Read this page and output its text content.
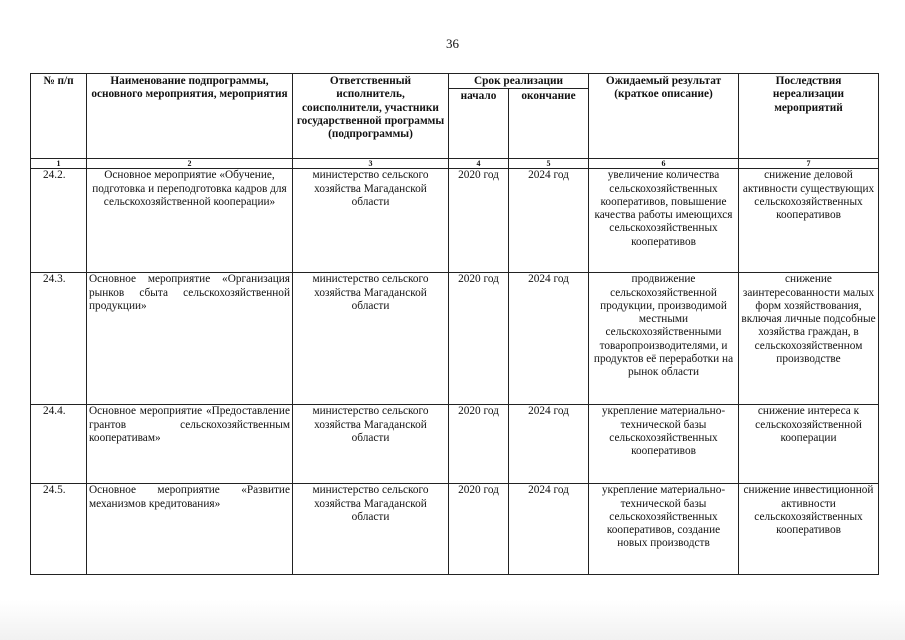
36
№ п/п	Наименование подпрограммы, основного мероприятия, мероприятия	Ответственный исполнитель, соисполнители, участники государственной программы (подпрограммы)	Срок реализации		Ожидаемый результат (краткое описание)	Последствия нереализации мероприятий
			начало	окончание		
1	2	3	4	5	6	7
24.2.	Основное мероприятие «Обучение, подготовка и переподготовка кадров для сельскохозяйственной кооперации»	министерство сельского хозяйства Магаданской области	2020 год	2024 год	увеличение количества сельскохозяйственных кооперативов, повышение качества работы имеющихся сельскохозяйственных кооперативов	снижение деловой активности существующих сельскохозяйственных кооперативов
24.3.	Основное мероприятие «Организация рынков сбыта сельскохозяйственной продукции»	министерство сельского хозяйства Магаданской области	2020 год	2024 год	продвижение сельскохозяйственной продукции, производимой местными сельскохозяйственными товаропроизводителями, и продуктов её переработки на рынок области	снижение заинтересованности малых форм хозяйствования, включая личные подсобные хозяйства граждан, в сельскохозяйственном производстве
24.4.	Основное мероприятие «Предоставление грантов сельскохозяйственным кооперативам»	министерство сельского хозяйства Магаданской области	2020 год	2024 год	укрепление материально-технической базы сельскохозяйственных кооперативов	снижение интереса к сельскохозяйственной кооперации
24.5.	Основное мероприятие «Развитие механизмов кредитования»	министерство сельского хозяйства Магаданской области	2020 год	2024 год	укрепление материально-технической базы сельскохозяйственных кооперативов, создание новых производств	снижение инвестиционной активности сельскохозяйственных кооперативов
